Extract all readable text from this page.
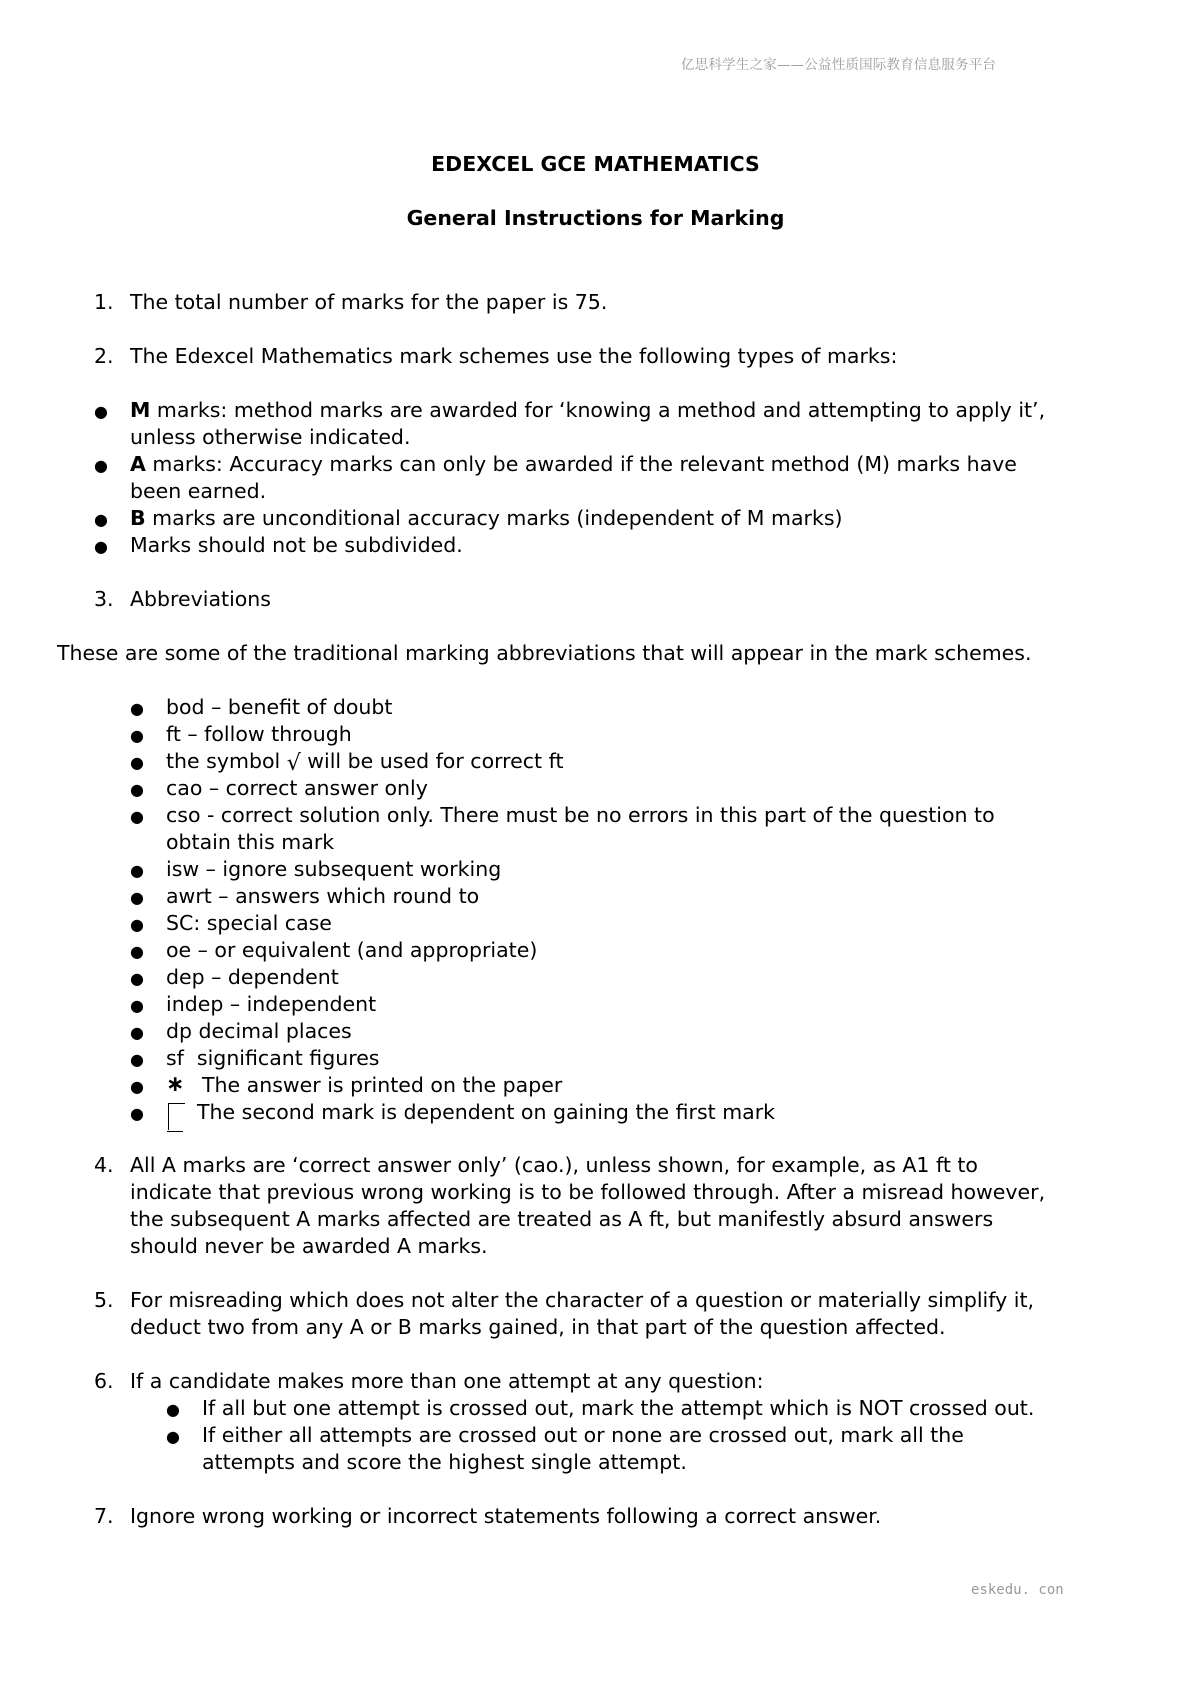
亿思科学生之家——公益性质国际教育信息服务平台
EDEXCEL GCE MATHEMATICS
General Instructions for Marking
1. The total number of marks for the paper is 75.
2. The Edexcel Mathematics mark schemes use the following types of marks:
● M marks: method marks are awarded for ‘knowing a method and attempting to apply it’,
unless otherwise indicated.
● A marks: Accuracy marks can only be awarded if the relevant method (M) marks have
been earned.
● B marks are unconditional accuracy marks (independent of M marks)
● Marks should not be subdivided.
3. Abbreviations
These are some of the traditional marking abbreviations that will appear in the mark schemes.
● bod – benefit of doubt
● ft – follow through
● the symbol √ will be used for correct ft
● cao – correct answer only
● cso - correct solution only. There must be no errors in this part of the question to
obtain this mark
● isw – ignore subsequent working
● awrt – answers which round to
● SC: special case
● oe – or equivalent (and appropriate)
● dep – dependent
● indep – independent
● dp decimal places
● sf  significant figures
● ∗ The answer is printed on the paper
●	The second mark is dependent on gaining the first mark
4. All A marks are ‘correct answer only’ (cao.), unless shown, for example, as A1 ft to
indicate that previous wrong working is to be followed through. After a misread however,
the subsequent A marks affected are treated as A ft, but manifestly absurd answers
should never be awarded A marks.
5. For misreading which does not alter the character of a question or materially simplify it,
deduct two from any A or B marks gained, in that part of the question affected.
6. If a candidate makes more than one attempt at any question:
● If all but one attempt is crossed out, mark the attempt which is NOT crossed out.
● If either all attempts are crossed out or none are crossed out, mark all the
attempts and score the highest single attempt.
7. Ignore wrong working or incorrect statements following a correct answer.
eskedu. con
